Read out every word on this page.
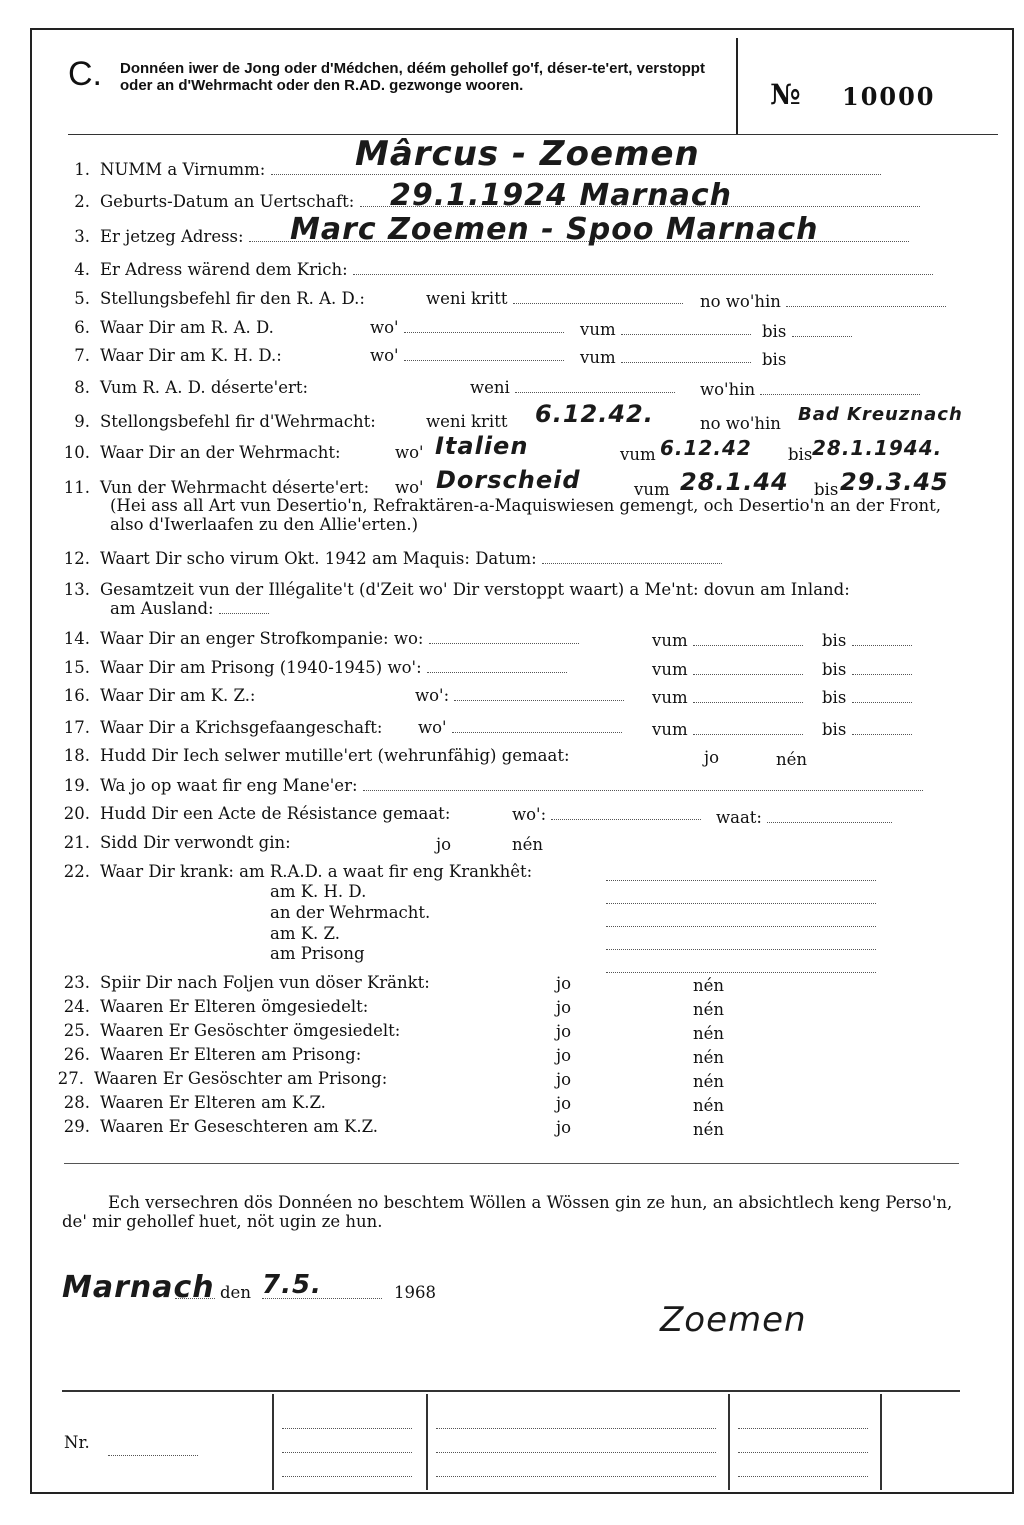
C. Donnéen iwer de Jong oder d'Médchen, déém gehollef go'f, déser-te'ert, verstoppt oder an d'Wehrmacht oder den R.AD. gezwonge wooren.	№ 10000
1. NUMM a Virnumm:	Mârcus - Zoemen
2. Geburts-Datum an Uertschaft:	29.1.1924 Marnach
3. Er jetzeg Adress:	Marc Zoemen - Spoo Marnach
4. Er Adress wärend dem Krich:
5. Stellungsbefehl fir den R. A. D.:	weni kritt	no wo'hin
6. Waar Dir am R. A. D.	wo'	vum	bis
7. Waar Dir am K. H. D.:	wo'	vum	bis
8. Vum R. A. D. déserte'ert:	weni	wo'hin
9. Stellongsbefehl fir d'Wehrmacht:	weni kritt 6.12.42.	no wo'hin Bad Kreuznach
10. Waar Dir an der Wehrmacht:	wo' Italien	vum 6.12.42 bis 28.1.1944.
11. Vun der Wehrmacht déserte'ert: wo' Dorscheid	vum 28.1.44 bis 29.3.45
(Hei ass all Art vun Desertio'n, Refraktären-a-Maquiswiesen gemengt, och Desertio'n an der Front, also d'Iwerlaafen zu den Allie'erten.)
12. Waart Dir scho virum Okt. 1942 am Maquis: Datum:
13. Gesamtzeit vun der Illégalite't (d'Zeit wo' Dir verstoppt waart) a Me'nt: dovun am Inland:
am Ausland:
14. Waar Dir an enger Strofkompanie: wo:	vum	bis
15. Waar Dir am Prisong (1940-1945) wo':	vum	bis
16. Waar Dir am K. Z.:	wo':	vum	bis
17. Waar Dir a Krichsgefaangeschaft: wo'	vum	bis
18. Hudd Dir Iech selwer mutille'ert (wehrunfähig) gemaat:	jo	nén
19. Wa jo op waat fir eng Mane'er:
20. Hudd Dir een Acte de Résistance gemaat:	wo':	waat:
21. Sidd Dir verwondt gin:	jo	nén
22. Waar Dir krank: am R.A.D. a waat fir eng Krankhêt:
am K. H. D.
an der Wehrmacht.
am K. Z.
am Prisong
23. Spiir Dir nach Foljen vun döser Kränkt:	jo	nén
24. Waaren Er Elteren ömgesiedelt:	jo	nén
25. Waaren Er Gesöschter ömgesiedelt:	jo	nén
26. Waaren Er Elteren am Prisong:	jo	nén
27. Waaren Er Gesöschter am Prisong:	jo	nén
28. Waaren Er Elteren am K.Z.	jo	nén
29. Waaren Er Geseschteren am K.Z.	jo	nén
Ech versechren dös Donnéen no beschtem Wöllen a Wössen gin ze hun, an absichtlech keng Perso'n, de' mir gehollef huet, nöt ugin ze hun.
Marnach den 7.5.	1968
Zoemen
Nr.
